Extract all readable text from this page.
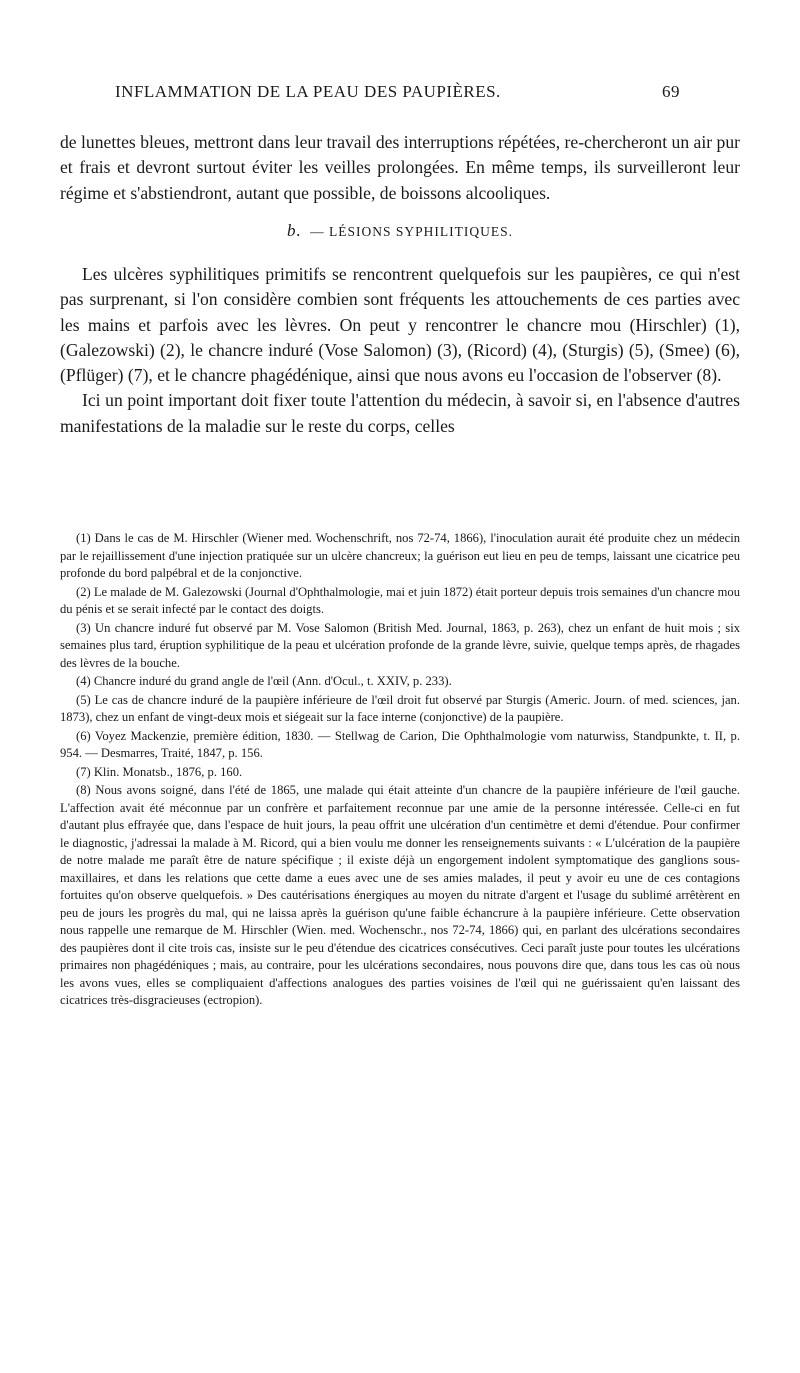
INFLAMMATION DE LA PEAU DES PAUPIÈRES.	69

de lunettes bleues, mettront dans leur travail des interruptions répétées, re-chercheront un air pur et frais et devront surtout éviter les veilles prolongées. En même temps, ils surveilleront leur régime et s'abstiendront, autant que possible, de boissons alcooliques.

b. — LÉSIONS SYPHILITIQUES.

Les ulcères syphilitiques primitifs se rencontrent quelquefois sur les paupières, ce qui n'est pas surprenant, si l'on considère combien sont fréquents les attouchements de ces parties avec les mains et parfois avec les lèvres. On peut y rencontrer le chancre mou (Hirschler) (1), (Galezowski) (2), le chancre induré (Vose Salomon) (3), (Ricord) (4), (Sturgis) (5), (Smee) (6), (Pflüger) (7), et le chancre phagédénique, ainsi que nous avons eu l'occasion de l'observer (8).

Ici un point important doit fixer toute l'attention du médecin, à savoir si, en l'absence d'autres manifestations de la maladie sur le reste du corps, celles

(1) Dans le cas de M. Hirschler (Wiener med. Wochenschrift, nos 72-74, 1866), l'inoculation aurait été produite chez un médecin par le rejaillissement d'une injection pratiquée sur un ulcère chancreux; la guérison eut lieu en peu de temps, laissant une cicatrice peu profonde du bord palpébral et de la conjonctive.

(2) Le malade de M. Galezowski (Journal d'Ophthalmologie, mai et juin 1872) était porteur depuis trois semaines d'un chancre mou du pénis et se serait infecté par le contact des doigts.

(3) Un chancre induré fut observé par M. Vose Salomon (British Med. Journal, 1863, p. 263), chez un enfant de huit mois ; six semaines plus tard, éruption syphilitique de la peau et ulcération profonde de la grande lèvre, suivie, quelque temps après, de rhagades des lèvres de la bouche.

(4) Chancre induré du grand angle de l'œil (Ann. d'Ocul., t. XXIV, p. 233).

(5) Le cas de chancre induré de la paupière inférieure de l'œil droit fut observé par Sturgis (Americ. Journ. of med. sciences, jan. 1873), chez un enfant de vingt-deux mois et siégeait sur la face interne (conjonctive) de la paupière.

(6) Voyez Mackenzie, première édition, 1830. — Stellwag de Carion, Die Ophthalmologie vom naturwiss, Standpunkte, t. II, p. 954. — Desmarres, Traité, 1847, p. 156.

(7) Klin. Monatsb., 1876, p. 160.

(8) Nous avons soigné, dans l'été de 1865, une malade qui était atteinte d'un chancre de la paupière inférieure de l'œil gauche. L'affection avait été méconnue par un confrère et parfaitement reconnue par une amie de la personne intéressée. Celle-ci en fut d'autant plus effrayée que, dans l'espace de huit jours, la peau offrit une ulcération d'un centimètre et demi d'étendue. Pour confirmer le diagnostic, j'adressai la malade à M. Ricord, qui a bien voulu me donner les renseignements suivants : « L'ulcération de la paupière de notre malade me paraît être de nature spécifique ; il existe déjà un engorgement indolent symptomatique des ganglions sous-maxillaires, et dans les relations que cette dame a eues avec une de ses amies malades, il peut y avoir eu une de ces contagions fortuites qu'on observe quelquefois. » Des cautérisations énergiques au moyen du nitrate d'argent et l'usage du sublimé arrêtèrent en peu de jours les progrès du mal, qui ne laissa après la guérison qu'une faible échancrure à la paupière inférieure. Cette observation nous rappelle une remarque de M. Hirschler (Wien. med. Wochenschr., nos 72-74, 1866) qui, en parlant des ulcérations secondaires des paupières dont il cite trois cas, insiste sur le peu d'étendue des cicatrices consécutives. Ceci paraît juste pour toutes les ulcérations primaires non phagédéniques ; mais, au contraire, pour les ulcérations secondaires, nous pouvons dire que, dans tous les cas où nous les avons vues, elles se compliquaient d'affections analogues des parties voisines de l'œil qui ne guérissaient qu'en laissant des cicatrices très-disgracieuses (ectropion).
